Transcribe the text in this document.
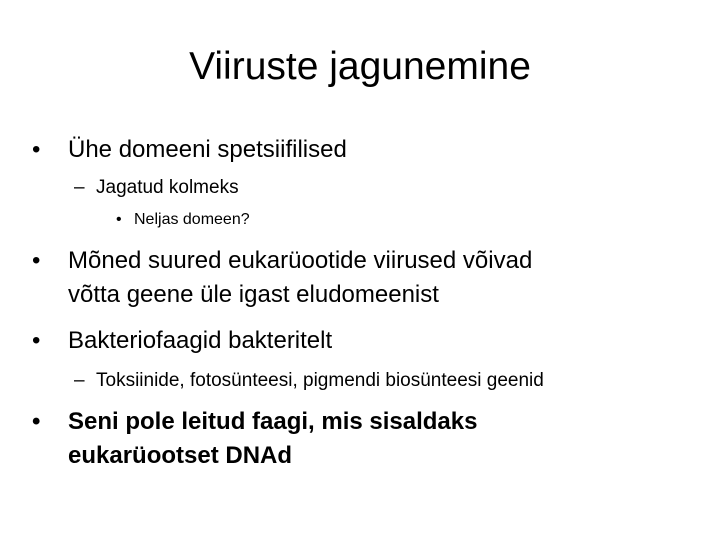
Viiruste jagunemine
•	Ühe domeeni spetsiifilised
– Jagatud kolmeks
• Neljas domeen?
•	Mõned suured eukarüootide viirused võivad
võtta geene üle igast eludomeenist
•	Bakteriofaagid bakteritelt
– Toksiinide, fotosünteesi, pigmendi biosünteesi geenid
•	Seni pole leitud faagi, mis sisaldaks
eukarüootset DNAd
